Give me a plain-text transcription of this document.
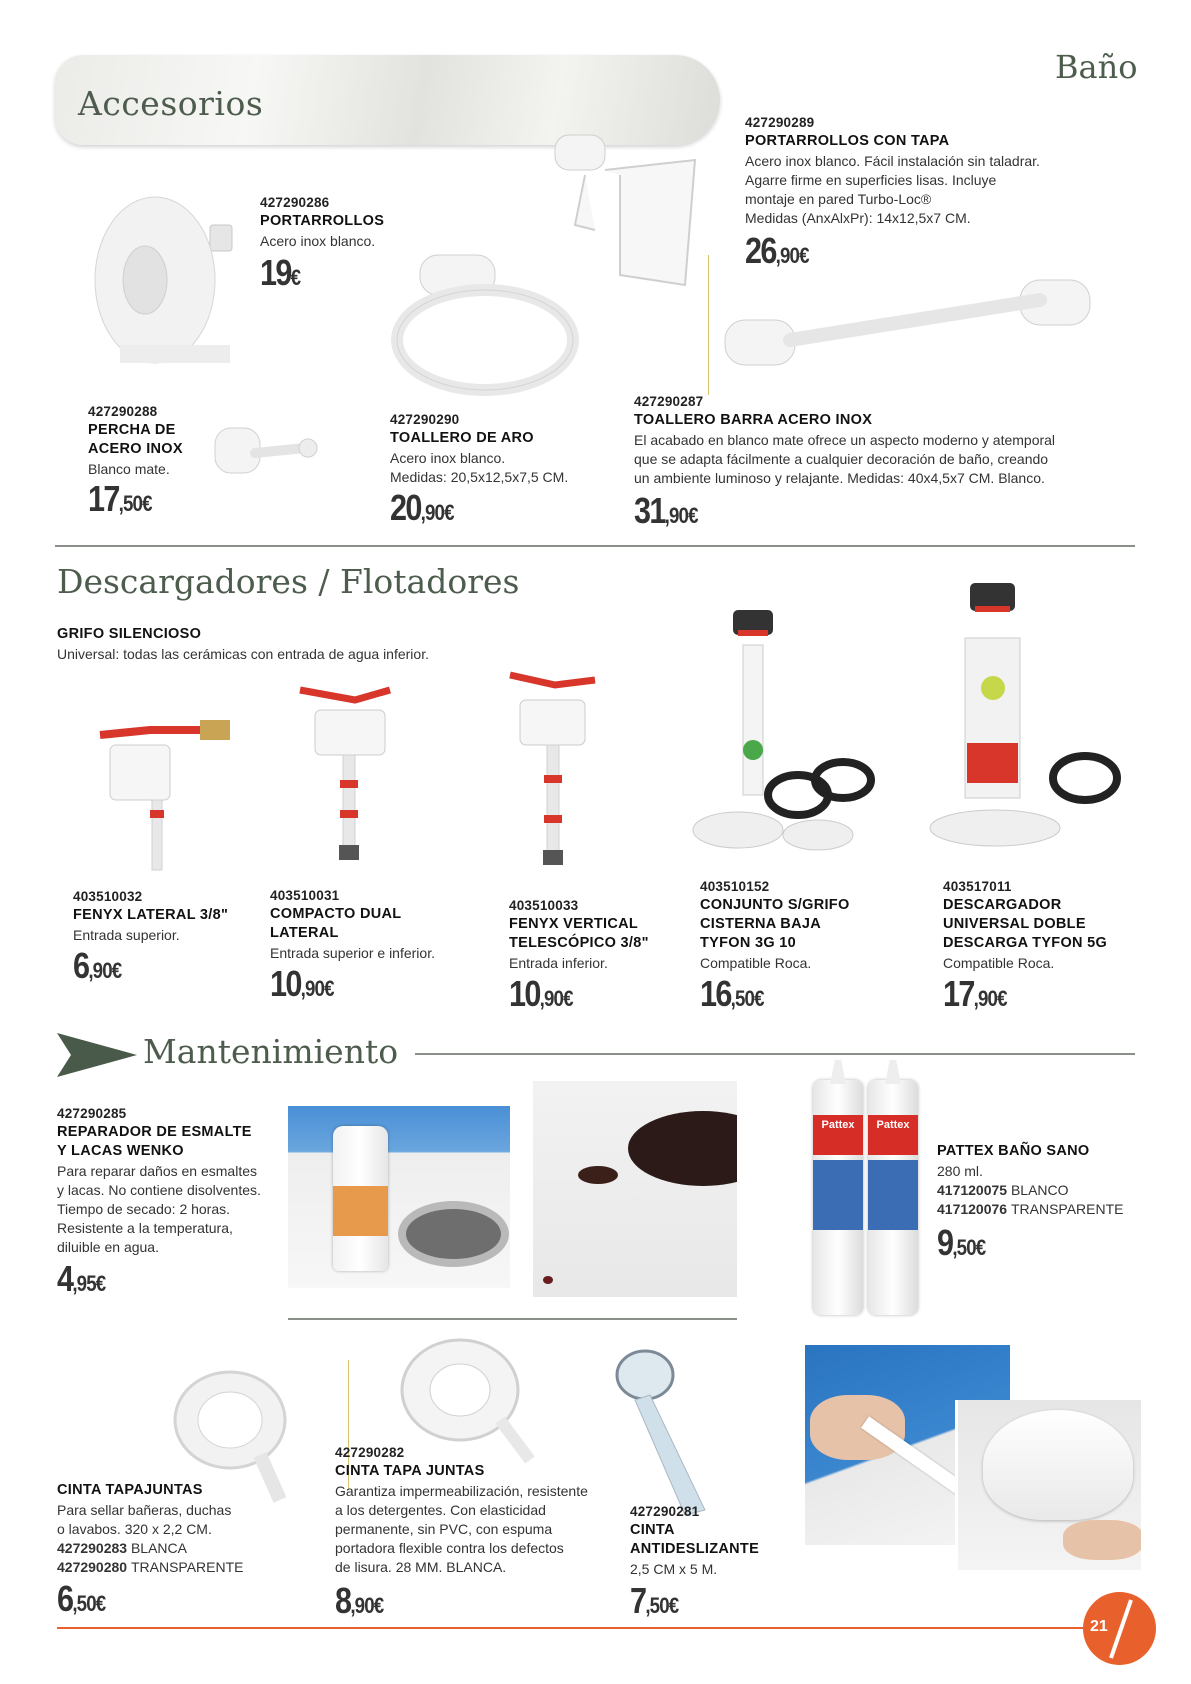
Accesorios
Baño
427290286
PORTARROLLOS
Acero inox blanco.
19€
427290289
PORTARROLLOS CON TAPA
Acero inox blanco. Fácil instalación sin taladrar.
Agarre firme en superficies lisas. Incluye
montaje en pared Turbo-Loc®
Medidas (AnxAlxPr): 14x12,5x7 CM.
26,90€
427290288
PERCHA DE
ACERO INOX
Blanco mate.
17,50€
427290290
TOALLERO DE ARO
Acero inox blanco.
Medidas: 20,5x12,5x7,5 CM.
20,90€
427290287
TOALLERO BARRA ACERO INOX
El acabado en blanco mate ofrece un aspecto moderno y atemporal
que se adapta fácilmente a cualquier decoración de baño, creando
un ambiente luminoso y relajante. Medidas: 40x4,5x7 CM. Blanco.
31,90€
Descargadores / Flotadores
GRIFO SILENCIOSO
Universal: todas las cerámicas con entrada de agua inferior.
403510032
FENYX LATERAL 3/8"
Entrada superior.
6,90€
403510031
COMPACTO DUAL
LATERAL
Entrada superior e inferior.
10,90€
403510033
FENYX VERTICAL
TELESCÓPICO 3/8"
Entrada inferior.
10,90€
403510152
CONJUNTO S/GRIFO
CISTERNA BAJA
TYFON 3G 10
Compatible Roca.
16,50€
403517011
DESCARGADOR
UNIVERSAL DOBLE
DESCARGA TYFON 5G
Compatible Roca.
17,90€
Mantenimiento
427290285
REPARADOR DE ESMALTE
Y LACAS WENKO
Para reparar daños en esmaltes
y lacas. No contiene disolventes.
Tiempo de secado: 2 horas.
Resistente a la temperatura,
diluible en agua.
4,95€
Pattex	Pattex
PATTEX BAÑO SANO
280 ml.
417120075 BLANCO
417120076 TRANSPARENTE
9,50€
CINTA TAPAJUNTAS
Para sellar bañeras, duchas
o lavabos. 320 x 2,2 CM.
427290283 BLANCA
427290280 TRANSPARENTE
6,50€
427290282
CINTA TAPA JUNTAS
Garantiza impermeabilización, resistente
a los detergentes. Con elasticidad
permanente, sin PVC, con espuma
portadora flexible contra los defectos
de lisura. 28 MM. BLANCA.
8,90€
427290281
CINTA
ANTIDESLIZANTE
2,5 CM x 5 M.
7,50€
21
